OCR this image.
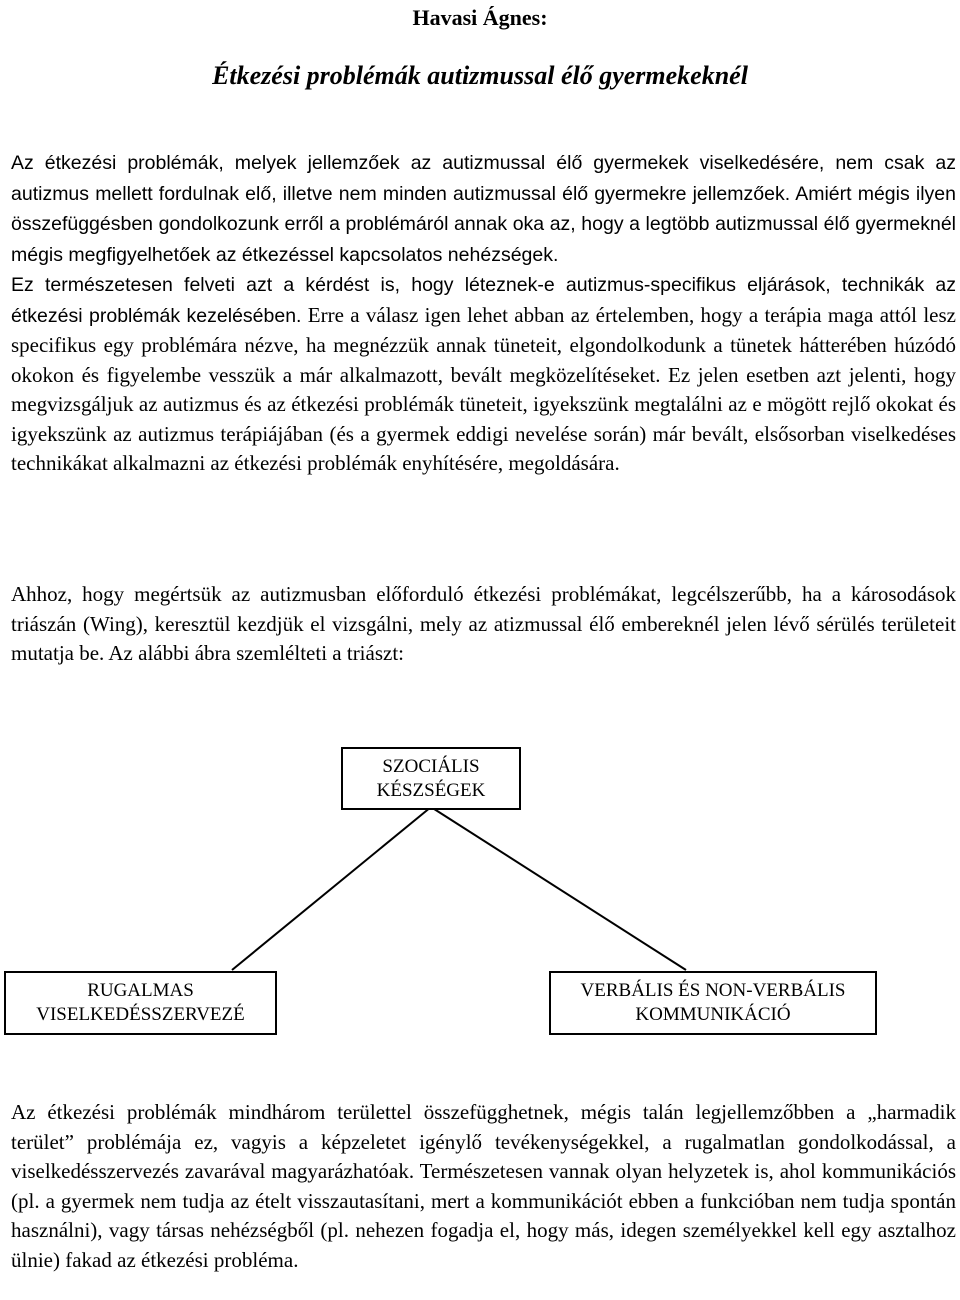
Havasi Ágnes:
Étkezési problémák autizmussal élő gyermekeknél

Az étkezési problémák, melyek jellemzőek az autizmussal élő gyermekek viselkedésére, nem csak az autizmus mellett fordulnak elő, illetve nem minden autizmussal élő gyermekre jellemzőek. Amiért mégis ilyen összefüggésben gondolkozunk erről a problémáról annak oka az, hogy a legtöbb autizmussal élő gyermeknél mégis megfigyelhetőek az étkezéssel kapcsolatos nehézségek.
Ez természetesen felveti azt a kérdést is, hogy léteznek-e autizmus-specifikus eljárások, technikák az étkezési problémák kezelésében. Erre a válasz igen lehet abban az értelemben, hogy a terápia maga attól lesz specifikus egy problémára nézve, ha megnézzük annak tüneteit, elgondolkodunk a tünetek hátterében húzódó okokon és figyelembe vesszük a már alkalmazott, bevált megközelítéseket. Ez jelen esetben azt jelenti, hogy megvizsgáljuk az autizmus és az étkezési problémák tüneteit, igyekszünk megtalálni az e mögött rejlő okokat és igyekszünk az autizmus terápiájában (és a gyermek eddigi nevelése során) már bevált, elsősorban viselkedéses technikákat alkalmazni az étkezési problémák enyhítésére, megoldására.

Ahhoz, hogy megértsük az autizmusban előforduló étkezési problémákat, legcélszerűbb, ha a károsodások triászán (Wing), keresztül kezdjük el vizsgálni, mely az atizmussal élő embereknél jelen lévő sérülés területeit mutatja be. Az alábbi ábra szemlélteti a triászt:

SZOCIÁLIS
KÉSZSÉGEK
RUGALMAS
VISELKEDÉSSZERVEZÉ
VERBÁLIS ÉS NON-VERBÁLIS
KOMMUNIKÁCIÓ

Az étkezési problémák mindhárom területtel összefügghetnek, mégis talán legjellemzőbben a „harmadik terület” problémája ez, vagyis a képzeletet igénylő tevékenységekkel, a rugalmatlan gondolkodással, a viselkedésszervezés zavarával magyarázhatóak. Természetesen vannak olyan helyzetek is, ahol kommunikációs (pl. a gyermek nem tudja az ételt visszautasítani, mert a kommunikációt ebben a funkcióban nem tudja spontán használni), vagy társas nehézségből (pl. nehezen fogadja el, hogy más, idegen személyekkel kell egy asztalhoz ülnie) fakad az étkezési probléma.
